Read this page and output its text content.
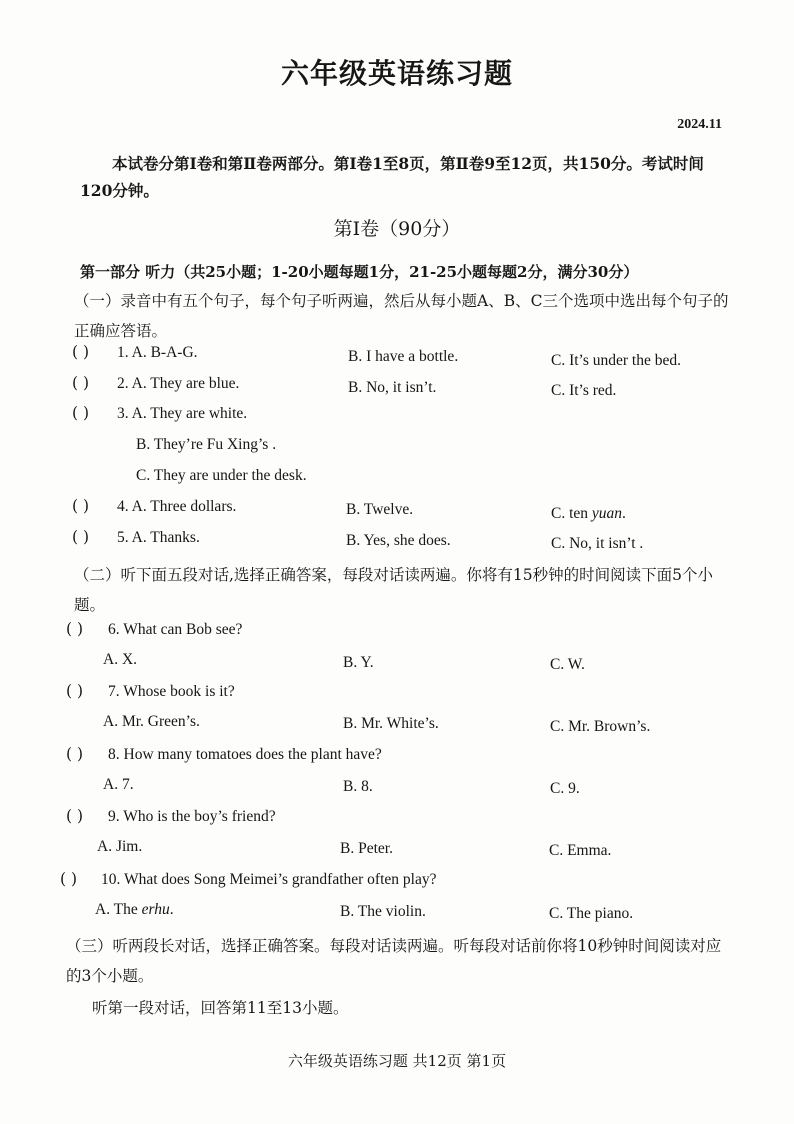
六年级英语练习题
2024.11
本试卷分第Ⅰ卷和第Ⅱ卷两部分。第Ⅰ卷1至8页，第Ⅱ卷9至12页，共150分。考试时间120分钟。
第Ⅰ卷（90分）
第一部分 听力（共25小题；1-20小题每题1分，21-25小题每题2分，满分30分）
（一）录音中有五个句子，每个句子听两遍，然后从每小题A、B、C三个选项中选出每个句子的正确应答语。
( ) 1. A. B-A-G.	B. I have a bottle.	C. It’s under the bed.
( ) 2. A. They are blue.	B. No, it isn’t.	C. It’s red.
( ) 3. A. They are white.
B. They’re Fu Xing’s .
C. They are under the desk.
( ) 4. A. Three dollars.	B. Twelve.	C. ten yuan.
( ) 5. A. Thanks.	B. Yes, she does.	C. No, it isn’t .
（二）听下面五段对话,选择正确答案，每段对话读两遍。你将有15秒钟的时间阅读下面5个小题。
( ) 6. What can Bob see?
A. X.	B. Y.	C. W.
( ) 7. Whose book is it?
A. Mr. Green’s.	B. Mr. White’s.	C. Mr. Brown’s.
( ) 8. How many tomatoes does the plant have?
A. 7.	B. 8.	C. 9.
( ) 9. Who is the boy’s friend?
A. Jim.	B. Peter.	C. Emma.
( ) 10. What does Song Meimei’s grandfather often play?
A. The erhu.	B. The violin.	C. The piano.
（三）听两段长对话，选择正确答案。每段对话读两遍。听每段对话前你将10秒钟时间阅读对应的3个小题。
听第一段对话，回答第11至13小题。
六年级英语练习题 共12页 第1页
